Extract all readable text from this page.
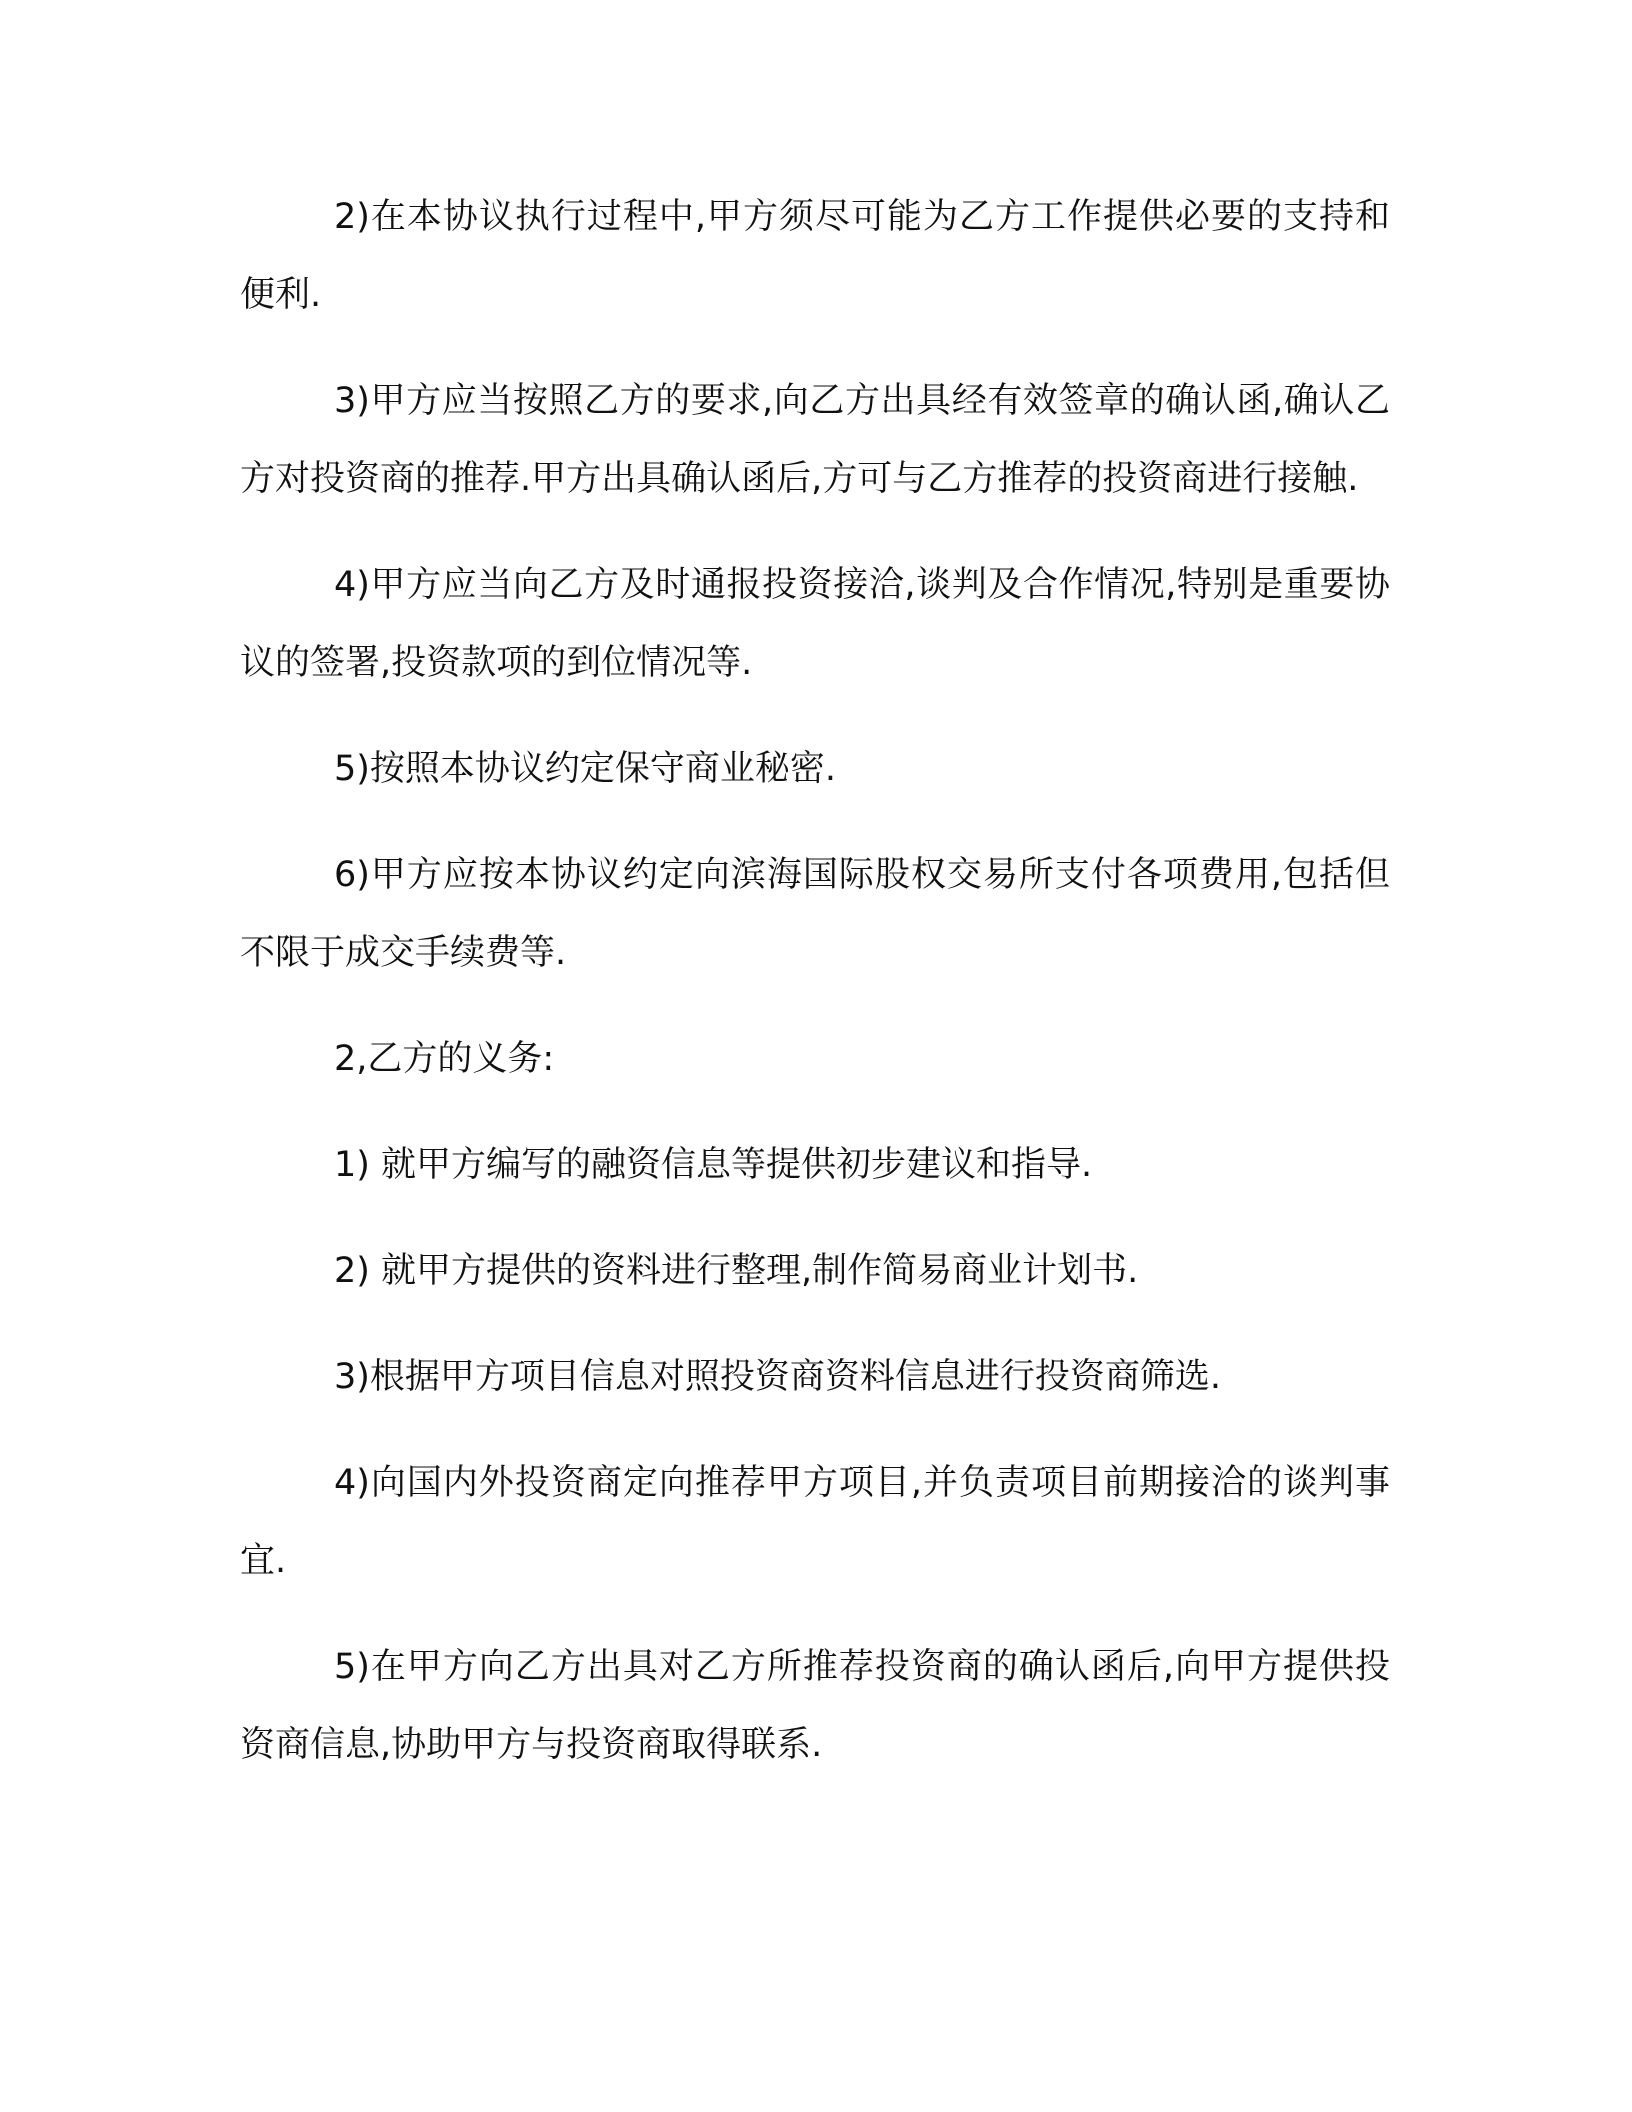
2)在本协议执行过程中,甲方须尽可能为乙方工作提供必要的支持和便利.

3)甲方应当按照乙方的要求,向乙方出具经有效签章的确认函,确认乙方对投资商的推荐.甲方出具确认函后,方可与乙方推荐的投资商进行接触.

4)甲方应当向乙方及时通报投资接洽,谈判及合作情况,特别是重要协议的签署,投资款项的到位情况等.

5)按照本协议约定保守商业秘密.

6)甲方应按本协议约定向滨海国际股权交易所支付各项费用,包括但不限于成交手续费等.

2,乙方的义务:

1) 就甲方编写的融资信息等提供初步建议和指导.

2) 就甲方提供的资料进行整理,制作简易商业计划书.

3)根据甲方项目信息对照投资商资料信息进行投资商筛选.

4)向国内外投资商定向推荐甲方项目,并负责项目前期接洽的谈判事宜.

5)在甲方向乙方出具对乙方所推荐投资商的确认函后,向甲方提供投资商信息,协助甲方与投资商取得联系.
